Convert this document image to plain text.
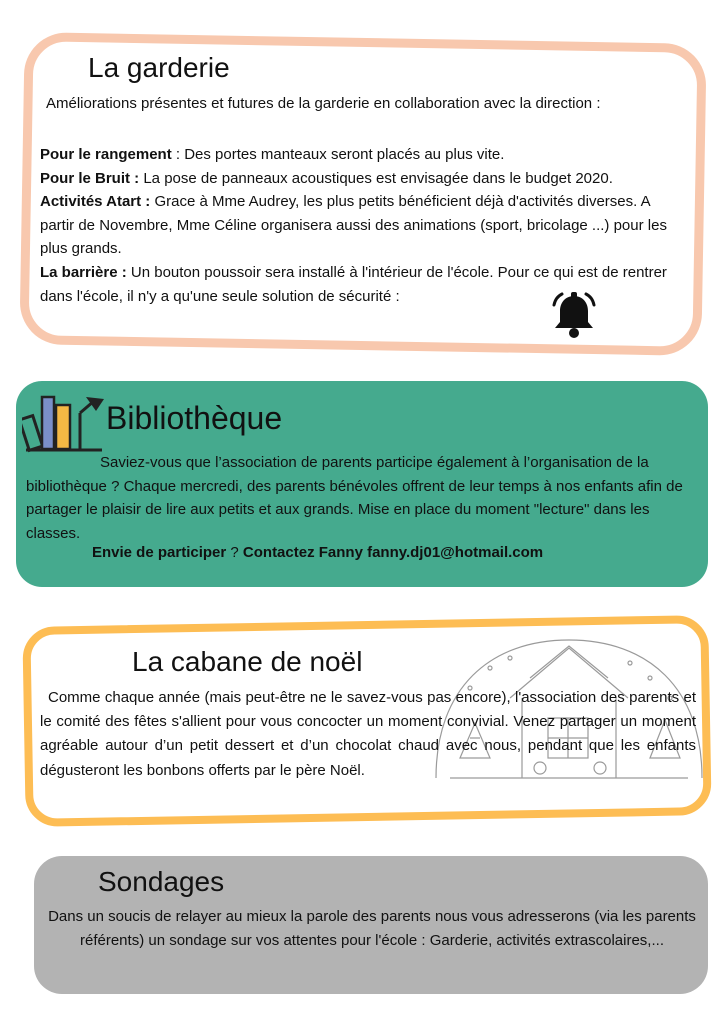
La garderie

Améliorations présentes et futures de la garderie en collaboration avec la direction :

Pour le rangement : Des portes manteaux seront placés au plus vite.

Pour le Bruit : La pose de panneaux acoustiques est envisagée dans le budget 2020.

Activités Atart : Grace à Mme Audrey, les plus petits bénéficient déjà d'activités diverses. A partir de Novembre, Mme Céline organisera aussi des animations (sport, bricolage ...) pour les plus grands.

La barrière : Un bouton poussoir sera installé à l'intérieur de l'école. Pour ce qui est de rentrer dans l'école, il n'y a qu'une seule solution de sécurité :

Bibliothèque

Saviez-vous que l’association de parents participe également à l’organisation de la bibliothèque ? Chaque mercredi, des parents bénévoles offrent de leur temps à nos enfants afin de partager le plaisir de lire aux petits et aux grands. Mise en place du moment "lecture" dans les classes.

Envie de participer ? Contactez Fanny fanny.dj01@hotmail.com

La cabane de noël

Comme chaque année (mais peut-être ne le savez-vous pas encore), l'association des parents et le comité des fêtes s'allient pour vous concocter un moment convivial. Venez partager un moment agréable autour d’un petit dessert et d’un chocolat chaud avec nous, pendant que les enfants dégusteront les bonbons offerts par le père Noël.

Sondages

Dans un soucis de relayer au mieux la parole des parents nous vous adresserons (via les parents référents) un sondage sur vos attentes pour l'école : Garderie, activités extrascolaires,...
